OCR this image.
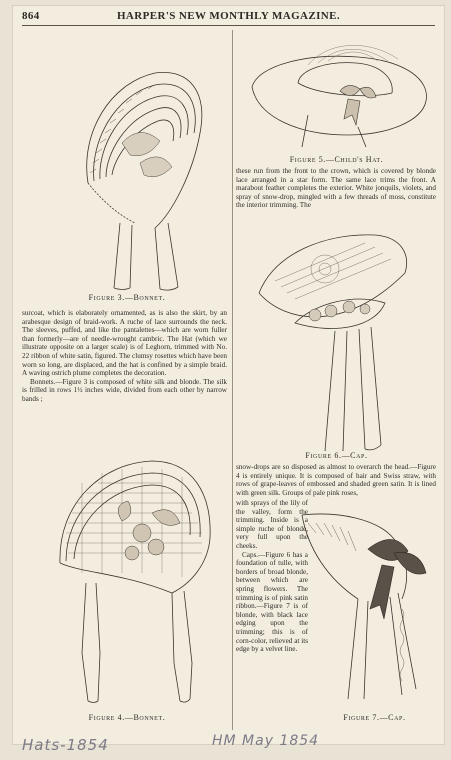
864	HARPER'S NEW MONTHLY MAGAZINE.
Figure 3.—Bonnet.

surcoat, which is elaborately ornamented, as is also the skirt, by an arabesque design of braid-work. A ruche of lace surrounds the neck. The sleeves, puffed, and like the pantalettes—which are worn fuller than formerly—are of needle-wrought cambric. The Hat (which we illustrate opposite on a larger scale) is of Leghorn, trimmed with No. 22 ribbon of white satin, figured. The clumsy rosettes which have been worn so long, are displaced, and the hat is confined by a simple braid. A waving ostrich plume completes the decoration.

Bonnets.—Figure 3 is composed of white silk and blonde. The silk is frilled in rows 1½ inches wide, divided from each other by narrow bands ;

Figure 4.—Bonnet.
Figure 5.—Child's Hat.

these run from the front to the crown, which is covered by blonde lace arranged in a star form. The same lace trims the front. A marabout feather completes the exterior. White jonquils, violets, and spray of snow-drop, mingled with a few threads of moss, constitute the interior trimming. The

Figure 6.—Cap.

snow-drops are so disposed as almost to overarch the head.—Figure 4 is entirely unique. It is composed of hair and Swiss straw, with rows of grape-leaves of embossed and shaded green satin. It is lined with green silk. Groups of pale pink roses,

with sprays of the lily of the valley, form the trimming. Inside is a simple ruche of blonde, very full upon the cheeks.

Caps.—Figure 6 has a foundation of tulle, with borders of broad blonde, between which are spring flowers. The trimming is of pink satin ribbon.—Figure 7 is of blonde, with black lace edging upon the trimming; this is of corn-color, relieved at its edge by a velvet line.

Figure 7.—Cap.
Hats-1854	HM May 1854
